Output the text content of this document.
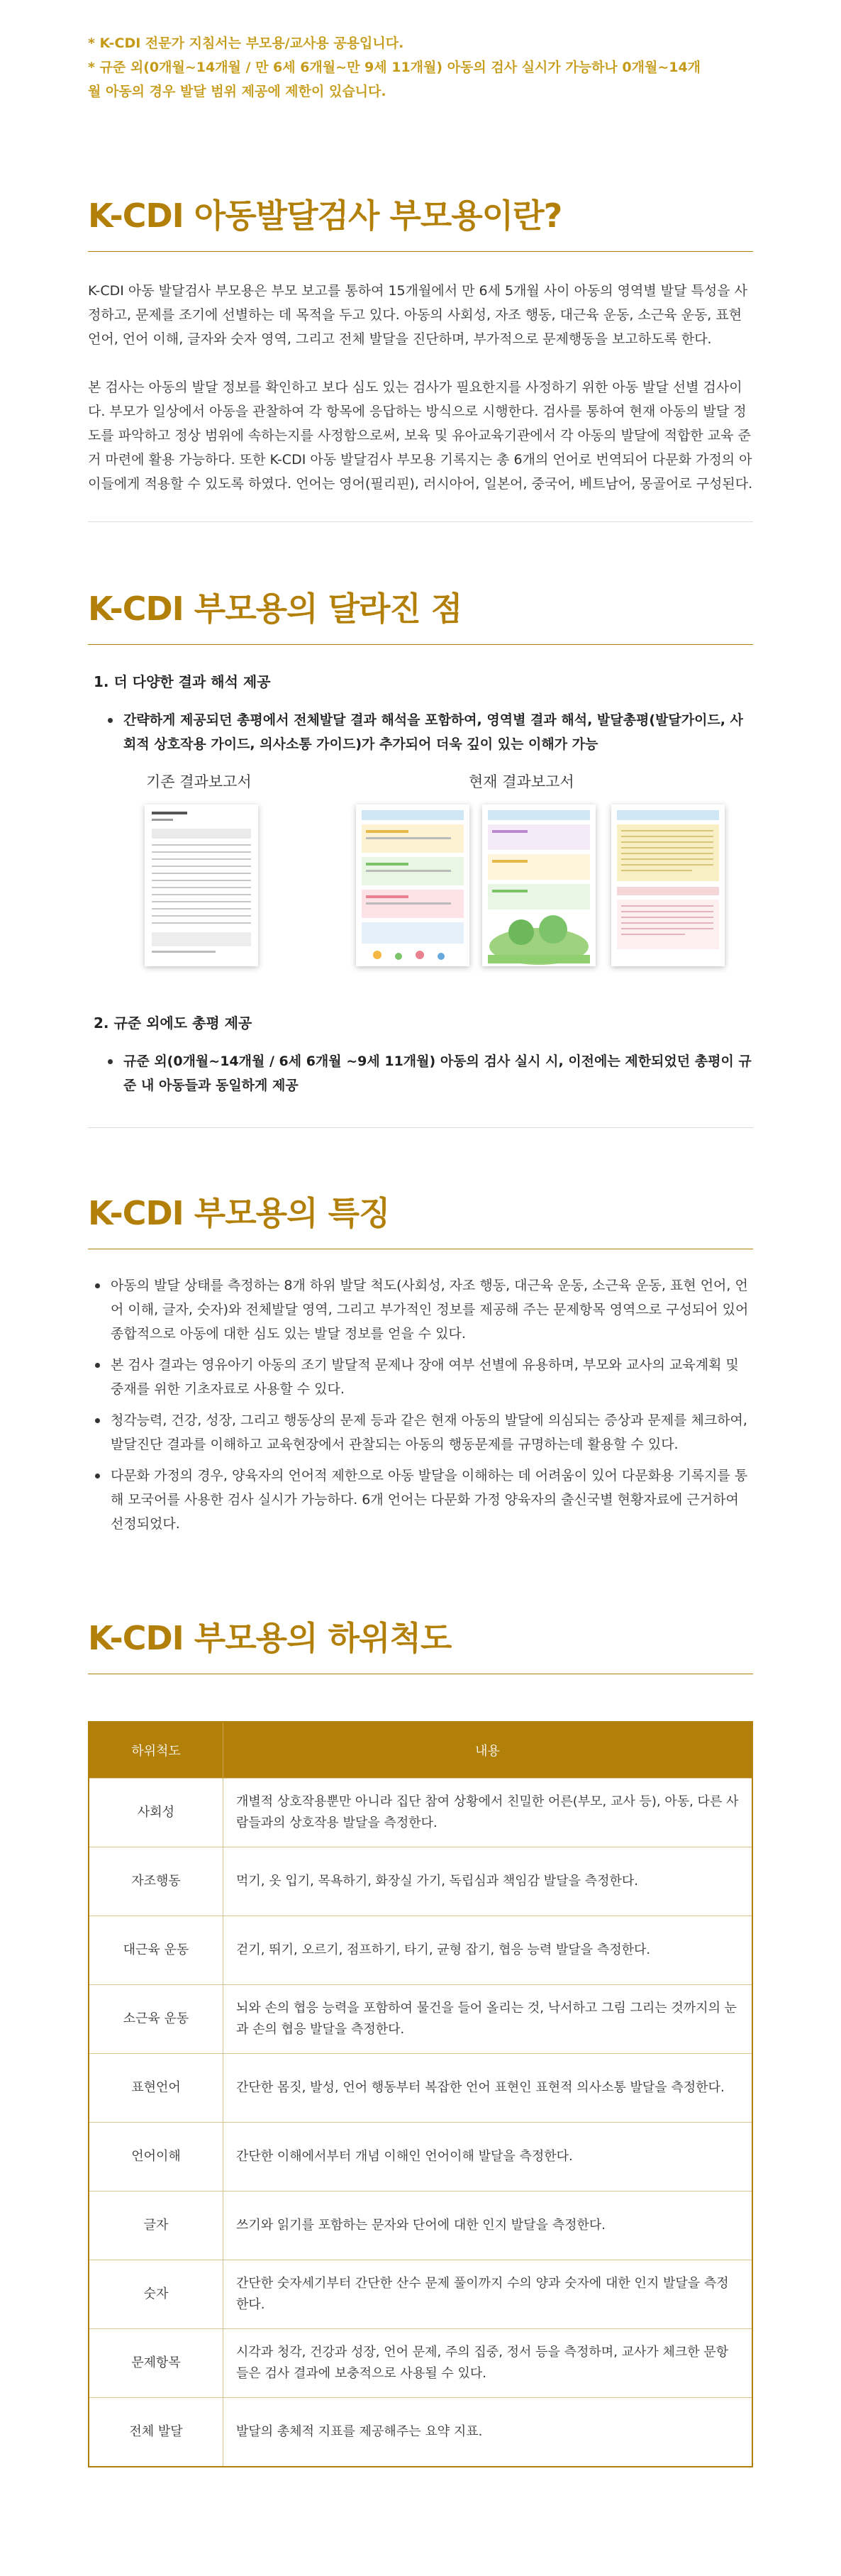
* K-CDI 전문가 지침서는 부모용/교사용 공용입니다.

* 규준 외(0개월~14개월 / 만 6세 6개월~만 9세 11개월) 아동의 검사 실시가 가능하나 0개월~14개

월 아동의 경우 발달 범위 제공에 제한이 있습니다.

K-CDI 아동발달검사 부모용이란?

K-CDI 아동 발달검사 부모용은 부모 보고를 통하여 15개월에서 만 6세 5개월 사이 아동의 영역별 발달 특성을 사정하고, 문제를 조기에 선별하는 데 목적을 두고 있다. 아동의 사회성, 자조 행동, 대근육 운동, 소근육 운동, 표현 언어, 언어 이해, 글자와 숫자 영역, 그리고 전체 발달을 진단하며, 부가적으로 문제행동을 보고하도록 한다.

본 검사는 아동의 발달 정보를 확인하고 보다 심도 있는 검사가 필요한지를 사정하기 위한 아동 발달 선별 검사이다. 부모가 일상에서 아동을 관찰하여 각 항목에 응답하는 방식으로 시행한다. 검사를 통하여 현재 아동의 발달 정도를 파악하고 정상 범위에 속하는지를 사정함으로써, 보육 및 유아교육기관에서 각 아동의 발달에 적합한 교육 준거 마련에 활용 가능하다. 또한 K-CDI 아동 발달검사 부모용 기록지는 총 6개의 언어로 번역되어 다문화 가정의 아이들에게 적용할 수 있도록 하였다. 언어는 영어(필리핀), 러시아어, 일본어, 중국어, 베트남어, 몽골어로 구성된다.

K-CDI 부모용의 달라진 점
1. 더 다양한 결과 해석 제공
간략하게 제공되던 총평에서 전체발달 결과 해석을 포함하여, 영역별 결과 해석, 발달총평(발달가이드, 사회적 상호작용 가이드, 의사소통 가이드)가 추가되어 더욱 깊이 있는 이해가 가능
기존 결과보고서	현재 결과보고서
2. 규준 외에도 총평 제공
규준 외(0개월~14개월 / 6세 6개월 ~9세 11개월) 아동의 검사 실시 시, 이전에는 제한되었던 총평이 규준 내 아동들과 동일하게 제공
K-CDI 부모용의 특징
아동의 발달 상태를 측정하는 8개 하위 발달 척도(사회성, 자조 행동, 대근육 운동, 소근육 운동, 표현 언어, 언어 이해, 글자, 숫자)와 전체발달 영역, 그리고 부가적인 정보를 제공해 주는 문제항목 영역으로 구성되어 있어 종합적으로 아동에 대한 심도 있는 발달 정보를 얻을 수 있다.
본 검사 결과는 영유아기 아동의 조기 발달적 문제나 장애 여부 선별에 유용하며, 부모와 교사의 교육계획 및 중재를 위한 기초자료로 사용할 수 있다.
청각능력, 건강, 성장, 그리고 행동상의 문제 등과 같은 현재 아동의 발달에 의심되는 증상과 문제를 체크하여, 발달진단 결과를 이해하고 교육현장에서 관찰되는 아동의 행동문제를 규명하는데 활용할 수 있다.
다문화 가정의 경우, 양육자의 언어적 제한으로 아동 발달을 이해하는 데 어려움이 있어 다문화용 기록지를 통해 모국어를 사용한 검사 실시가 가능하다. 6개 언어는 다문화 가정 양육자의 출신국별 현황자료에 근거하여 선정되었다.
K-CDI 부모용의 하위척도
하위척도	내용
사회성	개별적 상호작용뿐만 아니라 집단 참여 상황에서 친밀한 어른(부모, 교사 등), 아동, 다른 사람들과의 상호작용 발달을 측정한다.
자조행동	먹기, 옷 입기, 목욕하기, 화장실 가기, 독립심과 책임감 발달을 측정한다.
대근육 운동	걷기, 뛰기, 오르기, 점프하기, 타기, 균형 잡기, 협응 능력 발달을 측정한다.
소근육 운동	뇌와 손의 협응 능력을 포함하여 물건을 들어 올리는 것, 낙서하고 그림 그리는 것까지의 눈과 손의 협응 발달을 측정한다.
표현언어	간단한 몸짓, 발성, 언어 행동부터 복잡한 언어 표현인 표현적 의사소통 발달을 측정한다.
언어이해	간단한 이해에서부터 개념 이해인 언어이해 발달을 측정한다.
글자	쓰기와 읽기를 포함하는 문자와 단어에 대한 인지 발달을 측정한다.
숫자	간단한 숫자세기부터 간단한 산수 문제 풀이까지 수의 양과 숫자에 대한 인지 발달을 측정한다.
문제항목	시각과 청각, 건강과 성장, 언어 문제, 주의 집중, 정서 등을 측정하며, 교사가 체크한 문항들은 검사 결과에 보충적으로 사용될 수 있다.
전체 발달	발달의 총체적 지표를 제공해주는 요약 지표.
